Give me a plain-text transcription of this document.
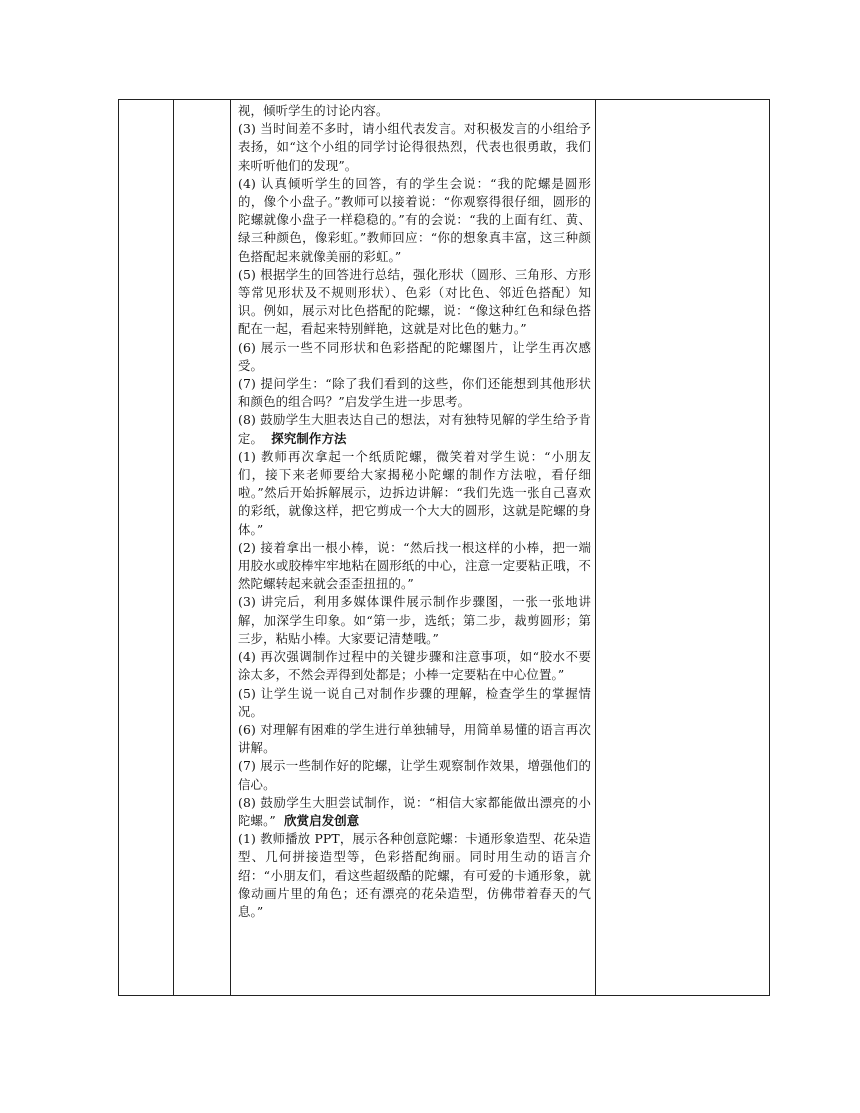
视，倾听学生的讨论内容。

(3) 当时间差不多时，请小组代表发言。对积极发言的小组给予表扬，如“这个小组的同学讨论得很热烈，代表也很勇敢，我们来听听他们的发现”。

(4) 认真倾听学生的回答，有的学生会说：“我的陀螺是圆形的，像个小盘子。”教师可以接着说：“你观察得很仔细，圆形的陀螺就像小盘子一样稳稳的。”有的会说：“我的上面有红、黄、绿三种颜色，像彩虹。”教师回应：“你的想象真丰富，这三种颜色搭配起来就像美丽的彩虹。”

(5) 根据学生的回答进行总结，强化形状（圆形、三角形、方形等常见形状及不规则形状）、色彩（对比色、邻近色搭配）知识。例如，展示对比色搭配的陀螺，说：“像这种红色和绿色搭配在一起，看起来特别鲜艳，这就是对比色的魅力。”

(6) 展示一些不同形状和色彩搭配的陀螺图片，让学生再次感受。

(7) 提问学生：“除了我们看到的这些，你们还能想到其他形状和颜色的组合吗？”启发学生进一步思考。

(8) 鼓励学生大胆表达自己的想法，对有独特见解的学生给予肯定。 探究制作方法

(1) 教师再次拿起一个纸质陀螺，微笑着对学生说：“小朋友们，接下来老师要给大家揭秘小陀螺的制作方法啦，看仔细啦。”然后开始拆解展示，边拆边讲解：“我们先选一张自己喜欢的彩纸，就像这样，把它剪成一个大大的圆形，这就是陀螺的身体。”

(2) 接着拿出一根小棒，说：“然后找一根这样的小棒，把一端用胶水或胶棒牢牢地粘在圆形纸的中心，注意一定要粘正哦，不然陀螺转起来就会歪歪扭扭的。”

(3) 讲完后，利用多媒体课件展示制作步骤图，一张一张地讲解，加深学生印象。如“第一步，选纸；第二步，裁剪圆形；第三步，粘贴小棒。大家要记清楚哦。”

(4) 再次强调制作过程中的关键步骤和注意事项，如“胶水不要涂太多，不然会弄得到处都是；小棒一定要粘在中心位置。”

(5) 让学生说一说自己对制作步骤的理解，检查学生的掌握情况。

(6) 对理解有困难的学生进行单独辅导，用简单易懂的语言再次讲解。

(7) 展示一些制作好的陀螺，让学生观察制作效果，增强他们的信心。

(8) 鼓励学生大胆尝试制作，说：“相信大家都能做出漂亮的小陀螺。” 欣赏启发创意

(1) 教师播放 PPT，展示各种创意陀螺：卡通形象造型、花朵造型、几何拼接造型等，色彩搭配绚丽。同时用生动的语言介绍：“小朋友们，看这些超级酷的陀螺，有可爱的卡通形象，就像动画片里的角色；还有漂亮的花朵造型，仿佛带着春天的气息。”
